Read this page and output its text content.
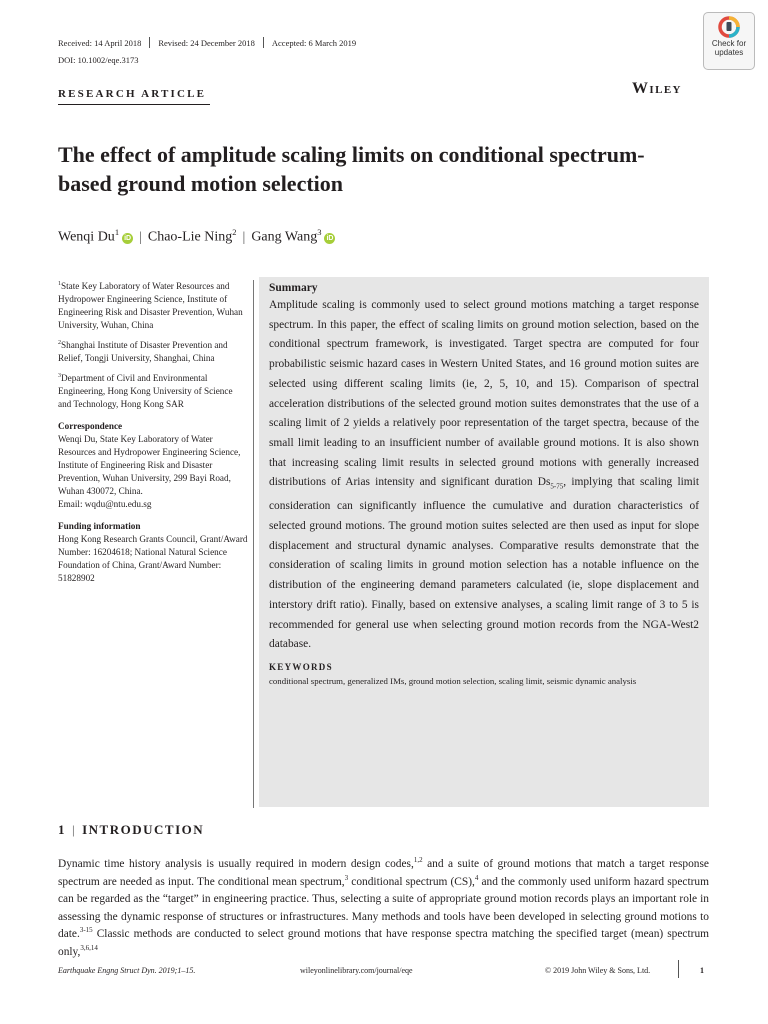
Received: 14 April 2018 Revised: 24 December 2018 Accepted: 6 March 2019
DOI: 10.1002/eqe.3173
Check for
updates
RESEARCH ARTICLE	Wiley
The effect of amplitude scaling limits on conditional spectrum-based ground motion selection
Wenqi Du$^1$iD | Chao-Lie Ning$^2$ | Gang Wang$^3$iD
$^1$State Key Laboratory of Water Resources and Hydropower Engineering Science, Institute of Engineering Risk and Disaster Prevention, Wuhan University, Wuhan, China
$^2$Shanghai Institute of Disaster Prevention and Relief, Tongji University, Shanghai, China
$^3$Department of Civil and Environmental Engineering, Hong Kong University of Science and Technology, Hong Kong SAR
Correspondence
Wenqi Du, State Key Laboratory of Water Resources and Hydropower Engineering Science, Institute of Engineering Risk and Disaster Prevention, Wuhan University, 299 Bayi Road, Wuhan 430072, China.
Email: wqdu@ntu.edu.sg
Funding information
Hong Kong Research Grants Council, Grant/Award Number: 16204618; National Natural Science Foundation of China, Grant/Award Number: 51828902
Summary
Amplitude scaling is commonly used to select ground motions matching a target response spectrum. In this paper, the effect of scaling limits on ground motion selection, based on the conditional spectrum framework, is investigated. Target spectra are computed for four probabilistic seismic hazard cases in Western United States, and 16 ground motion suites are selected using different scaling limits (ie, 2, 5, 10, and 15). Comparison of spectral acceleration distributions of the selected ground motion suites demonstrates that the use of a scaling limit of 2 yields a relatively poor representation of the target spectra, because of the small limit leading to an insufficient number of available ground motions. It is also shown that increasing scaling limit results in selected ground motions with generally increased distributions of Arias intensity and significant duration $Ds_{5-75}$, implying that scaling limit consideration can significantly influence the cumulative and duration characteristics of selected ground motions. The ground motion suites selected are then used as input for slope displacement and structural dynamic analyses. Comparative results demonstrate that the consideration of scaling limits in ground motion selection has a notable influence on the distribution of the engineering demand parameters calculated (ie, slope displacement and interstory drift ratio). Finally, based on extensive analyses, a scaling limit range of 3 to 5 is recommended for general use when selecting ground motion records from the NGA-West2 database.
KEYWORDS
conditional spectrum, generalized IMs, ground motion selection, scaling limit, seismic dynamic analysis
1 | INTRODUCTION
Dynamic time history analysis is usually required in modern design codes,$^{1,2}$ and a suite of ground motions that match a target response spectrum are needed as input. The conditional mean spectrum,$^3$ conditional spectrum (CS),$^4$ and the commonly used uniform hazard spectrum can be regarded as the “target” in engineering practice. Thus, selecting a suite of appropriate ground motion records plays an important role in assessing the dynamic response of structures or infrastructures. Many methods and tools have been developed in selecting ground motions to date.$^{3-15}$ Classic methods are conducted to select ground motions that have response spectra matching the specified target (mean) spectrum only,$^{3,6,14}$
Earthquake Engng Struct Dyn. 2019;1–15.	wileyonlinelibrary.com/journal/eqe	© 2019 John Wiley & Sons, Ltd.	1
